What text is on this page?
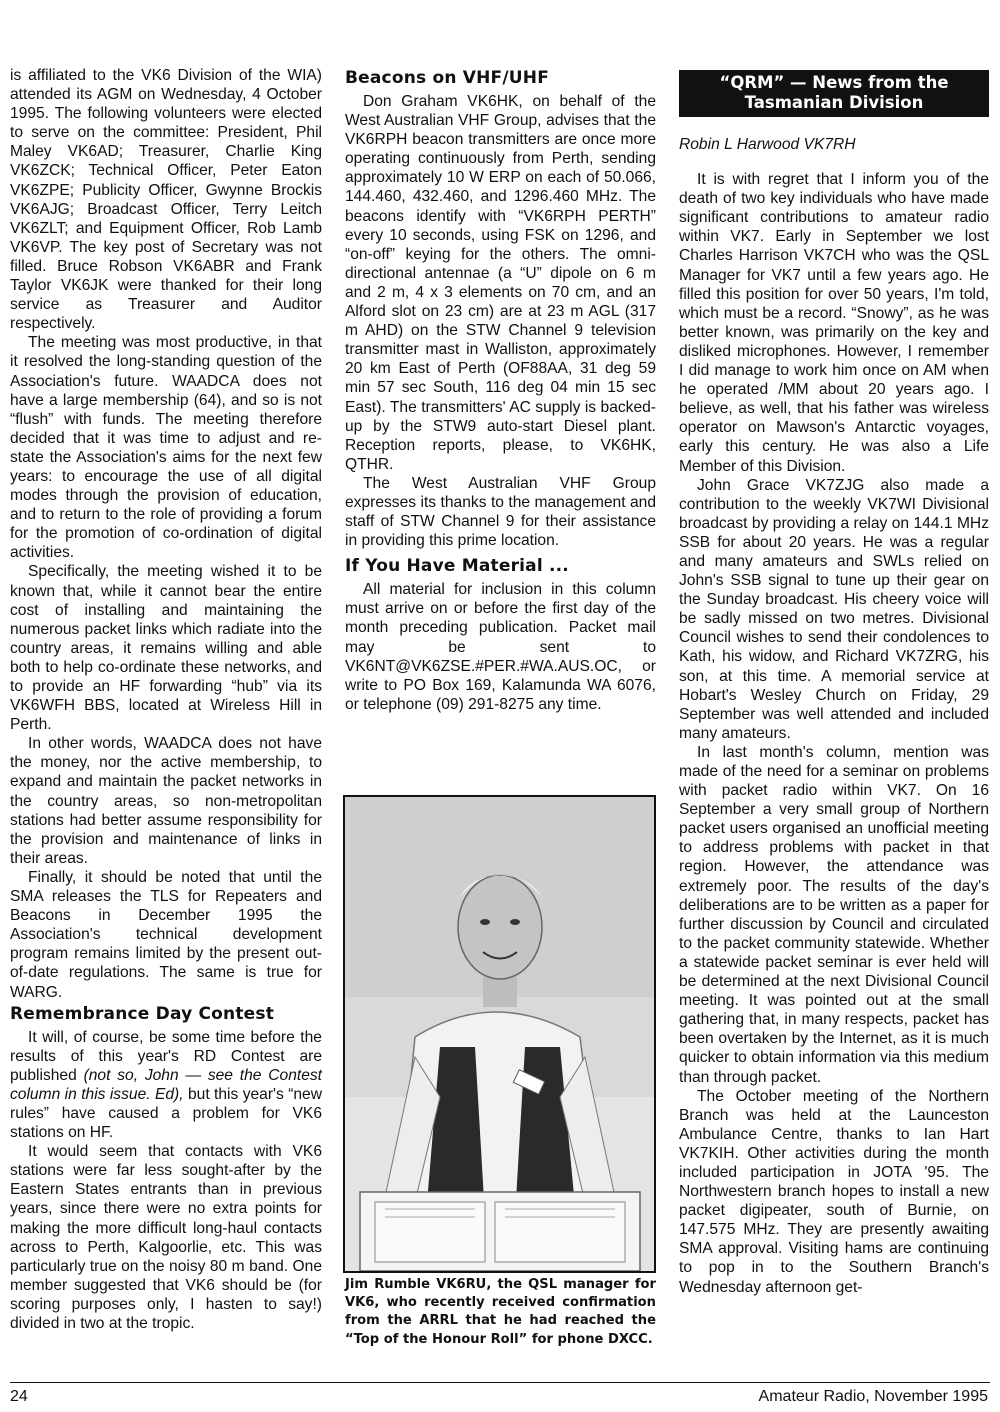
is affiliated to the VK6 Division of the WIA) attended its AGM on Wednesday, 4 October 1995. The following volunteers were elected to serve on the committee: President, Phil Maley VK6AD; Treasurer, Charlie King VK6ZCK; Technical Officer, Peter Eaton VK6ZPE; Publicity Officer, Gwynne Brockis VK6AJG; Broadcast Officer, Terry Leitch VK6ZLT; and Equipment Officer, Rob Lamb VK6VP. The key post of Secretary was not filled. Bruce Robson VK6ABR and Frank Taylor VK6JK were thanked for their long service as Treasurer and Auditor respectively.

The meeting was most productive, in that it resolved the long-standing question of the Association's future. WAADCA does not have a large membership (64), and so is not “flush” with funds. The meeting therefore decided that it was time to adjust and re-state the Association's aims for the next few years: to encourage the use of all digital modes through the provision of education, and to return to the role of providing a forum for the promotion of co-ordination of digital activities.

Specifically, the meeting wished it to be known that, while it cannot bear the entire cost of installing and maintaining the numerous packet links which radiate into the country areas, it remains willing and able both to help co-ordinate these networks, and to provide an HF forwarding “hub” via its VK6WFH BBS, located at Wireless Hill in Perth.

In other words, WAADCA does not have the money, nor the active membership, to expand and maintain the packet networks in the country areas, so non-metropolitan stations had better assume responsibility for the provision and maintenance of links in their areas.

Finally, it should be noted that until the SMA releases the TLS for Repeaters and Beacons in December 1995 the Association's technical development program remains limited by the present out-of-date regulations. The same is true for WARG.

Remembrance Day Contest

It will, of course, be some time before the results of this year's RD Contest are published (not so, John — see the Contest column in this issue. Ed), but this year's “new rules” have caused a problem for VK6 stations on HF.

It would seem that contacts with VK6 stations were far less sought-after by the Eastern States entrants than in previous years, since there were no extra points for making the more difficult long-haul contacts across to Perth, Kalgoorlie, etc. This was particularly true on the noisy 80 m band. One member suggested that VK6 should be (for scoring purposes only, I hasten to say!) divided in two at the tropic.

Beacons on VHF/UHF

Don Graham VK6HK, on behalf of the West Australian VHF Group, advises that the VK6RPH beacon transmitters are once more operating continuously from Perth, sending approximately 10 W ERP on each of 50.066, 144.460, 432.460, and 1296.460 MHz. The beacons identify with “VK6RPH PERTH” every 10 seconds, using FSK on 1296, and “on-off” keying for the others. The omni-directional antennae (a “U” dipole on 6 m and 2 m, 4 x 3 elements on 70 cm, and an Alford slot on 23 cm) are at 23 m AGL (317 m AHD) on the STW Channel 9 television transmitter mast in Walliston, approximately 20 km East of Perth (OF88AA, 31 deg 59 min 57 sec South, 116 deg 04 min 15 sec East). The transmitters' AC supply is backed-up by the STW9 auto-start Diesel plant. Reception reports, please, to VK6HK, QTHR.

The West Australian VHF Group expresses its thanks to the management and staff of STW Channel 9 for their assistance in providing this prime location.

If You Have Material ...

All material for inclusion in this column must arrive on or before the first day of the month preceding publication. Packet mail may be sent to VK6NT@VK6ZSE.#PER.#WA.AUS.OC, or write to PO Box 169, Kalamunda WA 6076, or telephone (09) 291-8275 any time.

Jim Rumble VK6RU, the QSL manager for VK6, who recently received confirmation from the ARRL that he had reached the “Top of the Honour Roll” for phone DXCC.
“QRM” — News from the
Tasmanian Division

Robin L Harwood VK7RH

It is with regret that I inform you of the death of two key individuals who have made significant contributions to amateur radio within VK7. Early in September we lost Charles Harrison VK7CH who was the QSL Manager for VK7 until a few years ago. He filled this position for over 50 years, I'm told, which must be a record. “Snowy”, as he was better known, was primarily on the key and disliked microphones. However, I remember I did manage to work him once on AM when he operated /MM about 20 years ago. I believe, as well, that his father was wireless operator on Mawson's Antarctic voyages, early this century. He was also a Life Member of this Division.

John Grace VK7ZJG also made a contribution to the weekly VK7WI Divisional broadcast by providing a relay on 144.1 MHz SSB for about 20 years. He was a regular and many amateurs and SWLs relied on John's SSB signal to tune up their gear on the Sunday broadcast. His cheery voice will be sadly missed on two metres. Divisional Council wishes to send their condolences to Kath, his widow, and Richard VK7ZRG, his son, at this time. A memorial service at Hobart's Wesley Church on Friday, 29 September was well attended and included many amateurs.

In last month's column, mention was made of the need for a seminar on problems with packet radio within VK7. On 16 September a very small group of Northern packet users organised an unofficial meeting to address problems with packet in that region. However, the attendance was extremely poor. The results of the day's deliberations are to be written as a paper for further discussion by Council and circulated to the packet community statewide. Whether a statewide packet seminar is ever held will be determined at the next Divisional Council meeting. It was pointed out at the small gathering that, in many respects, packet has been overtaken by the Internet, as it is much quicker to obtain information via this medium than through packet.

The October meeting of the Northern Branch was held at the Launceston Ambulance Centre, thanks to Ian Hart VK7KIH. Other activities during the month included participation in JOTA '95. The Northwestern branch hopes to install a new packet digipeater, south of Burnie, on 147.575 MHz. They are presently awaiting SMA approval. Visiting hams are continuing to pop in to the Southern Branch's Wednesday afternoon get-

24	Amateur Radio, November 1995
